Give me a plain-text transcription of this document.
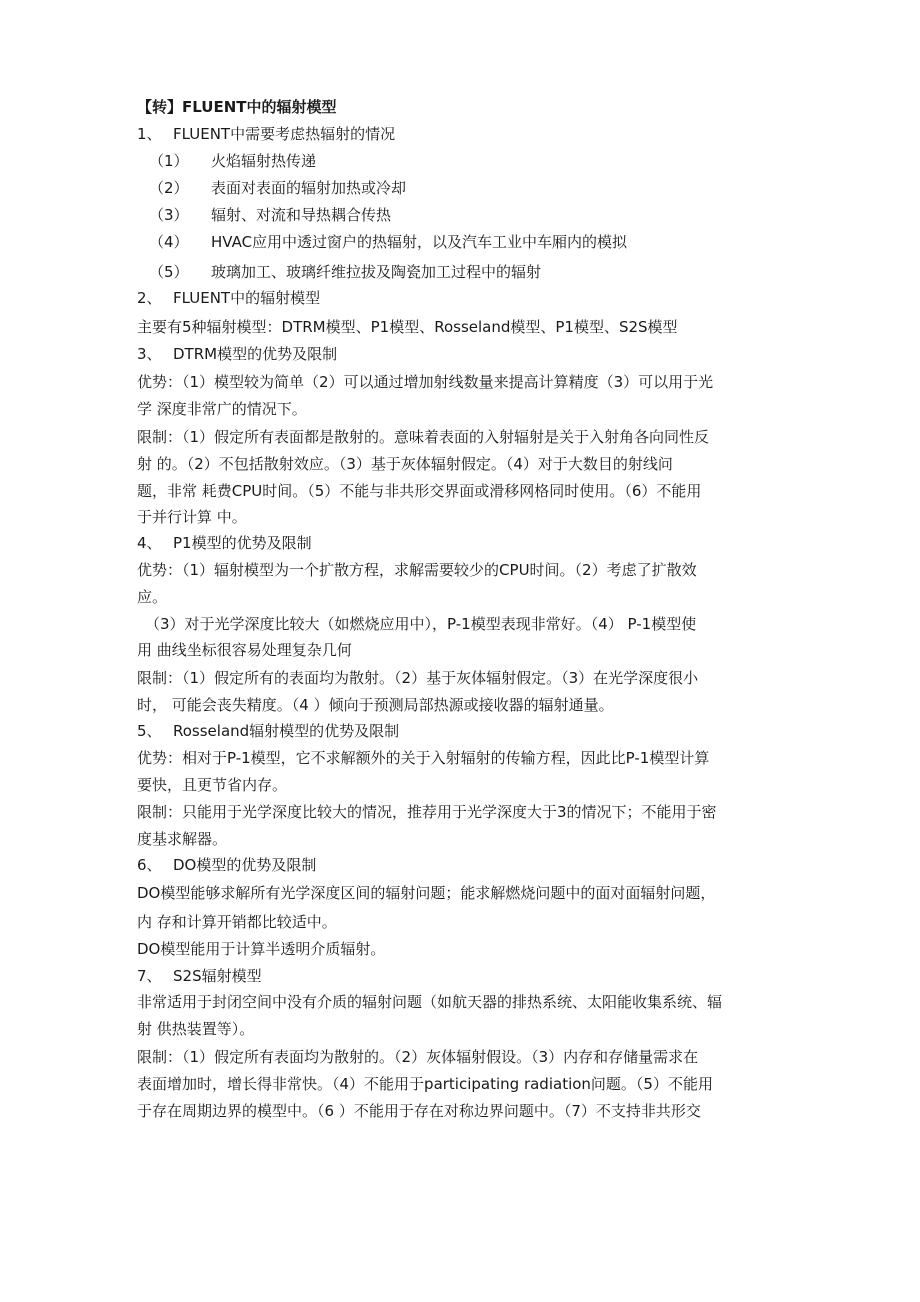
【转】FLUENT中的辐射模型
1、 FLUENT中需要考虑热辐射的情况
（1） 火焰辐射热传递
（2） 表面对表面的辐射加热或冷却
（3） 辐射、对流和导热耦合传热
（4） HVAC应用中透过窗户的热辐射，以及汽车工业中车厢内的模拟
（5） 玻璃加工、玻璃纤维拉拔及陶瓷加工过程中的辐射
2、 FLUENT中的辐射模型
主要有5种辐射模型：DTRM模型、P1模型、Rosseland模型、P1模型、S2S模型
3、 DTRM模型的优势及限制
优势：（1）模型较为简单（2）可以通过增加射线数量来提高计算精度（3）可以用于光
学 深度非常广的情况下。
限制：（1）假定所有表面都是散射的。意味着表面的入射辐射是关于入射角各向同性反
射 的。（2）不包括散射效应。（3）基于灰体辐射假定。（4）对于大数目的射线问
题，非常 耗费CPU时间。（5）不能与非共形交界面或滑移网格同时使用。（6）不能用
于并行计算 中。
4、 P1模型的优势及限制
优势：（1）辐射模型为一个扩散方程，求解需要较少的CPU时间。（2）考虑了扩散效
应。
（3）对于光学深度比较大（如燃烧应用中），P-1模型表现非常好。（4） P-1模型使
用 曲线坐标很容易处理复杂几何
限制：（1）假定所有的表面均为散射。（2）基于灰体辐射假定。（3）在光学深度很小
时， 可能会丧失精度。（4 ）倾向于预测局部热源或接收器的辐射通量。
5、 Rosseland辐射模型的优势及限制
优势：相对于P-1模型，它不求解额外的关于入射辐射的传输方程，因此比P-1模型计算
要快，且更节省内存。
限制：只能用于光学深度比较大的情况，推荐用于光学深度大于3的情况下；不能用于密
度基求解器。
6、 DO模型的优势及限制
DO模型能够求解所有光学深度区间的辐射问题；能求解燃烧问题中的面对面辐射问题，
内 存和计算开销都比较适中。
DO模型能用于计算半透明介质辐射。
7、 S2S辐射模型
非常适用于封闭空间中没有介质的辐射问题（如航天器的排热系统、太阳能收集系统、辐
射 供热装置等）。
限制：（1）假定所有表面均为散射的。（2）灰体辐射假设。（3）内存和存储量需求在
表面增加时，增长得非常快。（4）不能用于participating radiation问题。（5）不能用
于存在周期边界的模型中。（6 ）不能用于存在对称边界问题中。（7）不支持非共形交
